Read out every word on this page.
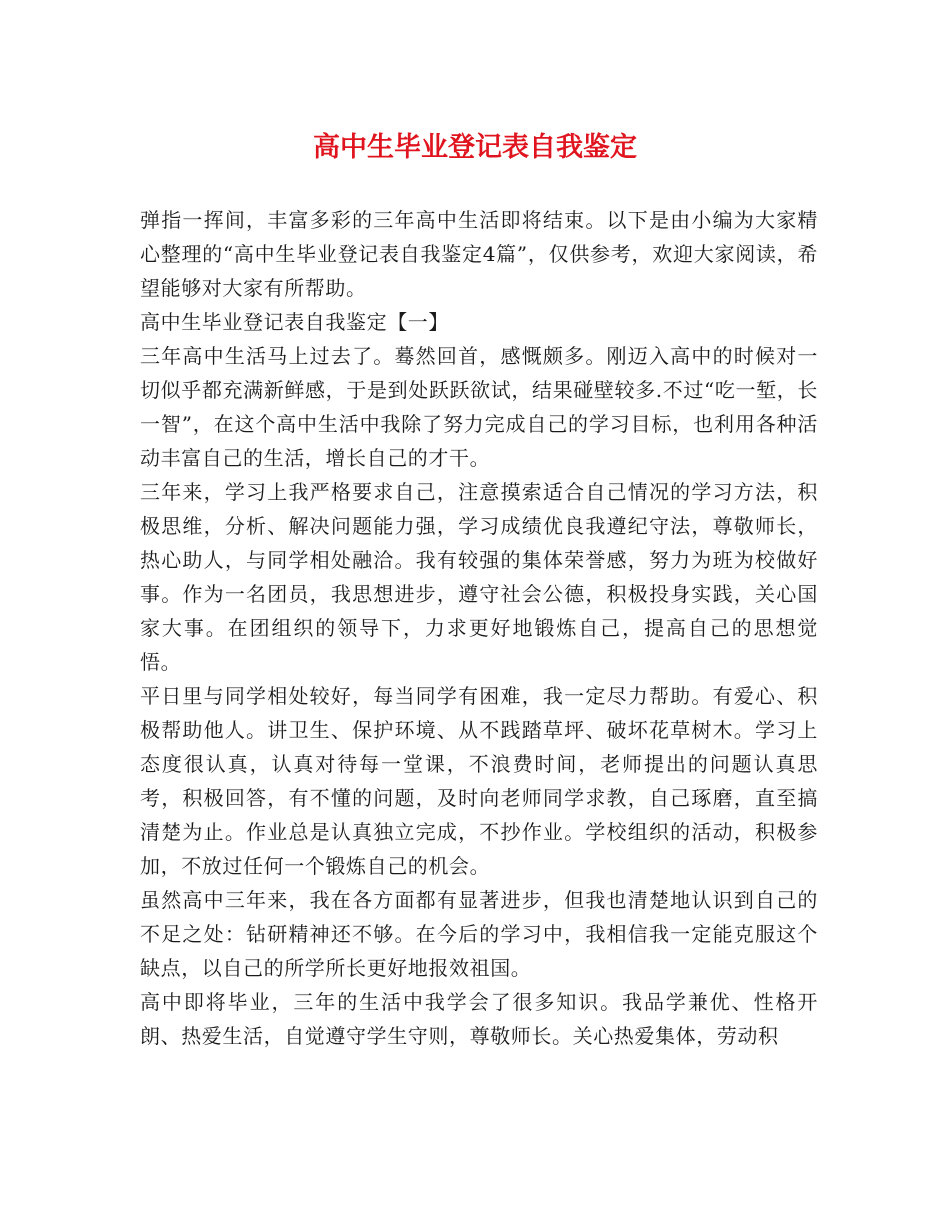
高中生毕业登记表自我鉴定

弹指一挥间，丰富多彩的三年高中生活即将结束。以下是由小编为大家精心整理的“高中生毕业登记表自我鉴定4篇”，仅供参考，欢迎大家阅读，希望能够对大家有所帮助。

高中生毕业登记表自我鉴定【一】

三年高中生活马上过去了。蓦然回首，感慨颇多。刚迈入高中的时候对一切似乎都充满新鲜感，于是到处跃跃欲试，结果碰壁较多.不过“吃一堑，长一智”，在这个高中生活中我除了努力完成自己的学习目标，也利用各种活动丰富自己的生活，增长自己的才干。

三年来，学习上我严格要求自己，注意摸索适合自己情况的学习方法，积极思维，分析、解决问题能力强，学习成绩优良我遵纪守法，尊敬师长，热心助人，与同学相处融洽。我有较强的集体荣誉感，努力为班为校做好事。作为一名团员，我思想进步，遵守社会公德，积极投身实践，关心国家大事。在团组织的领导下，力求更好地锻炼自己，提高自己的思想觉悟。

平日里与同学相处较好，每当同学有困难，我一定尽力帮助。有爱心、积极帮助他人。讲卫生、保护环境、从不践踏草坪、破坏花草树木。学习上态度很认真，认真对待每一堂课，不浪费时间，老师提出的问题认真思考，积极回答，有不懂的问题，及时向老师同学求教，自己琢磨，直至搞清楚为止。作业总是认真独立完成，不抄作业。学校组织的活动，积极参加，不放过任何一个锻炼自己的机会。

虽然高中三年来，我在各方面都有显著进步，但我也清楚地认识到自己的不足之处：钻研精神还不够。在今后的学习中，我相信我一定能克服这个缺点，以自己的所学所长更好地报效祖国。

高中即将毕业，三年的生活中我学会了很多知识。我品学兼优、性格开朗、热爱生活，自觉遵守学生守则，尊敬师长。关心热爱集体，劳动积
